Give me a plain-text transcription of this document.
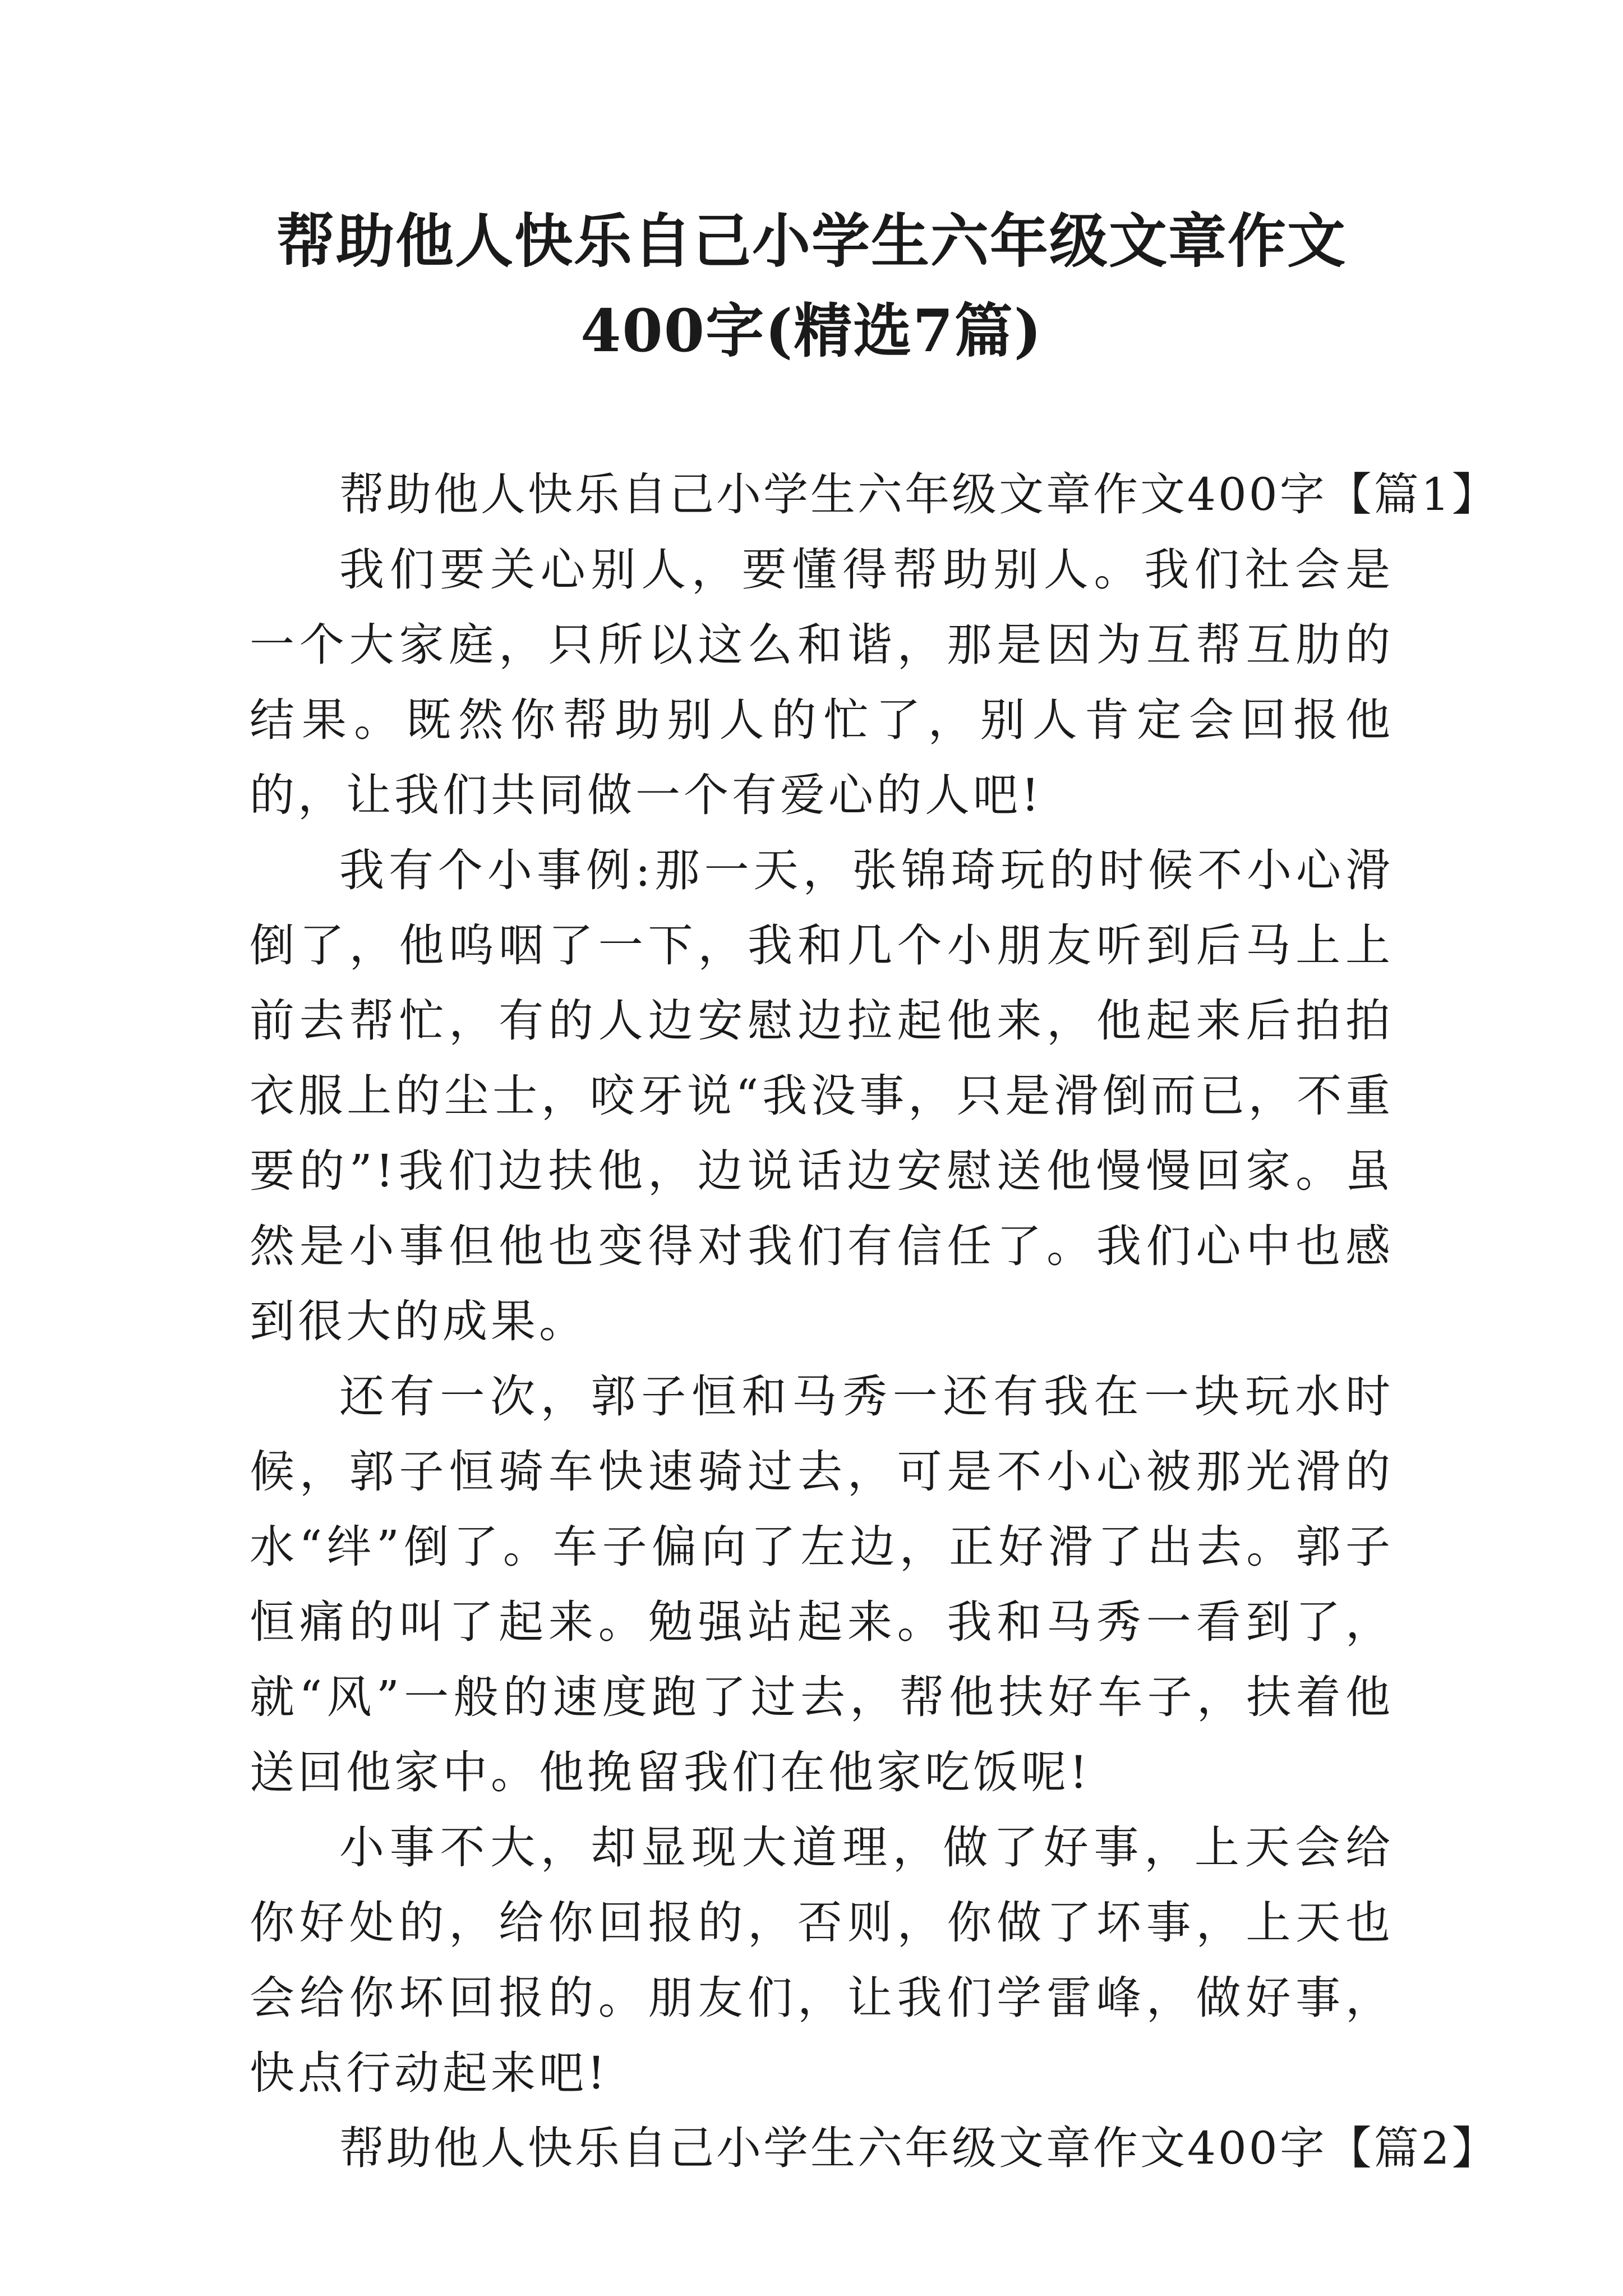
帮助他人快乐自己小学生六年级文章作文
400字(精选7篇)

帮助他人快乐自己小学生六年级文章作文400字【篇1】

我们要关心别人，要懂得帮助别人。我们社会是一个大家庭，只所以这么和谐，那是因为互帮互肋的结果。既然你帮助别人的忙了，别人肯定会回报他的，让我们共同做一个有爱心的人吧!

我有个小事例:那一天，张锦琦玩的时候不小心滑倒了，他呜咽了一下，我和几个小朋友听到后马上上前去帮忙，有的人边安慰边拉起他来，他起来后拍拍衣服上的尘士，咬牙说“我没事，只是滑倒而已，不重要的”!我们边扶他，边说话边安慰送他慢慢回家。虽然是小事但他也变得对我们有信任了。我们心中也感到很大的成果。

还有一次，郭子恒和马秀一还有我在一块玩水时候，郭子恒骑车快速骑过去，可是不小心被那光滑的水“绊”倒了。车子偏向了左边，正好滑了出去。郭子恒痛的叫了起来。勉强站起来。我和马秀一看到了，就“风”一般的速度跑了过去，帮他扶好车子，扶着他送回他家中。他挽留我们在他家吃饭呢!

小事不大，却显现大道理，做了好事，上天会给你好处的，给你回报的，否则，你做了坏事，上天也会给你坏回报的。朋友们，让我们学雷峰，做好事，快点行动起来吧!

帮助他人快乐自己小学生六年级文章作文400字【篇2】
